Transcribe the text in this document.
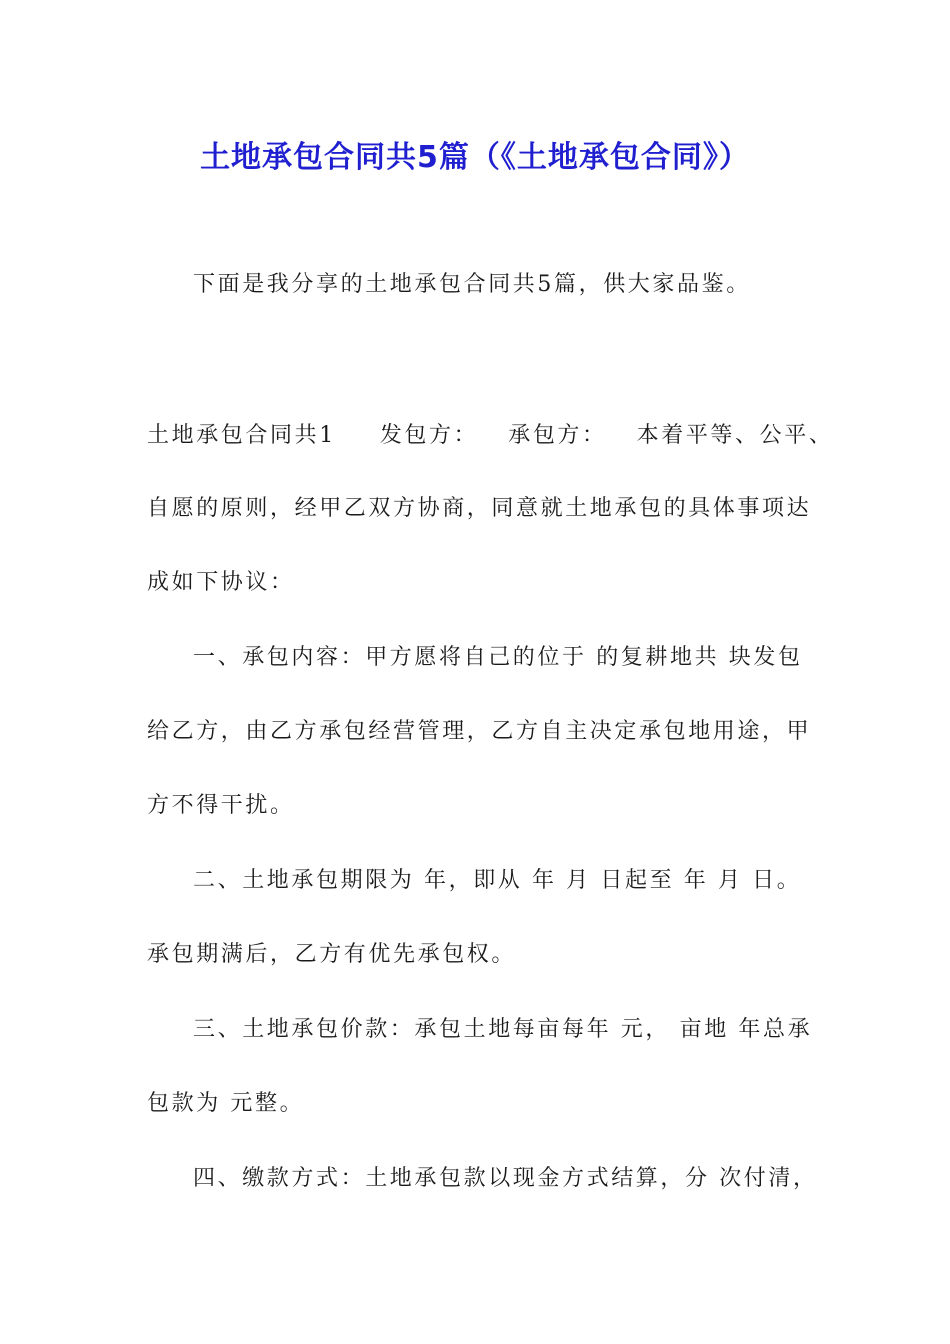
土地承包合同共5篇（《土地承包合同》）
下面是我分享的土地承包合同共5篇，供大家品鉴。
土地承包合同共1 发包方： 承包方： 本着平等、公平、
自愿的原则，经甲乙双方协商，同意就土地承包的具体事项达
成如下协议：
一、承包内容：甲方愿将自己的位于 的复耕地共 块发包
给乙方，由乙方承包经营管理，乙方自主决定承包地用途，甲
方不得干扰。
二、土地承包期限为 年，即从 年 月 日起至 年 月 日。
承包期满后，乙方有优先承包权。
三、土地承包价款：承包土地每亩每年 元， 亩地 年总承
包款为 元整。
四、缴款方式：土地承包款以现金方式结算，分 次付清，
